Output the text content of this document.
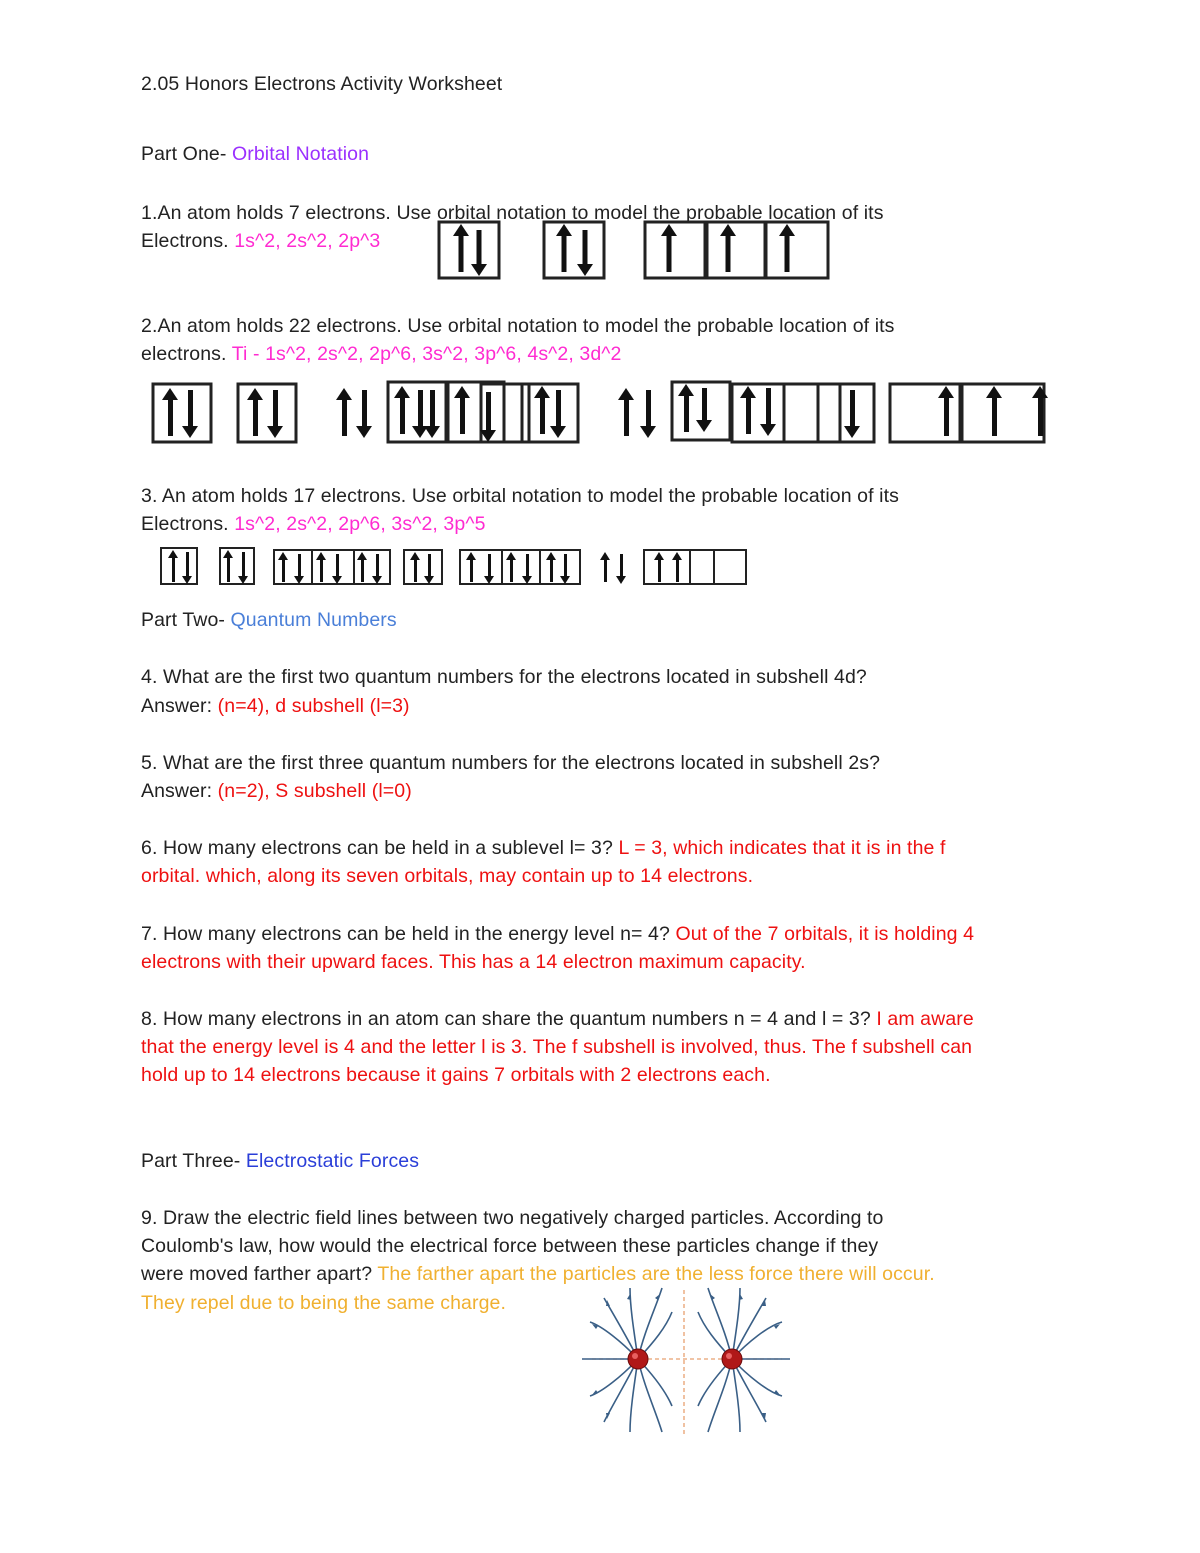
2.05 Honors Electrons Activity Worksheet
Part One- Orbital Notation
1.An atom holds 7 electrons. Use orbital notation to model the probable location of its
Electrons. 1s^2, 2s^2, 2p^3
2.An atom holds 22 electrons. Use orbital notation to model the probable location of its
electrons. Ti - 1s^2, 2s^2, 2p^6, 3s^2, 3p^6, 4s^2, 3d^2
3. An atom holds 17 electrons. Use orbital notation to model the probable location of its
Electrons. 1s^2, 2s^2, 2p^6, 3s^2, 3p^5
Part Two- Quantum Numbers
4. What are the first two quantum numbers for the electrons located in subshell 4d?
Answer: (n=4), d subshell (l=3)
5. What are the first three quantum numbers for the electrons located in subshell 2s?
Answer: (n=2), S subshell (l=0)
6. How many electrons can be held in a sublevel l= 3? L = 3, which indicates that it is in the f
orbital. which, along its seven orbitals, may contain up to 14 electrons.
7. How many electrons can be held in the energy level n= 4? Out of the 7 orbitals, it is holding 4
electrons with their upward faces. This has a 14 electron maximum capacity.
8. How many electrons in an atom can share the quantum numbers n = 4 and l = 3? I am aware
that the energy level is 4 and the letter l is 3. The f subshell is involved, thus. The f subshell can
hold up to 14 electrons because it gains 7 orbitals with 2 electrons each.
Part Three- Electrostatic Forces
9. Draw the electric field lines between two negatively charged particles. According to
Coulomb's law, how would the electrical force between these particles change if they
were moved farther apart? The farther apart the particles are the less force there will occur.
They repel due to being the same charge.
